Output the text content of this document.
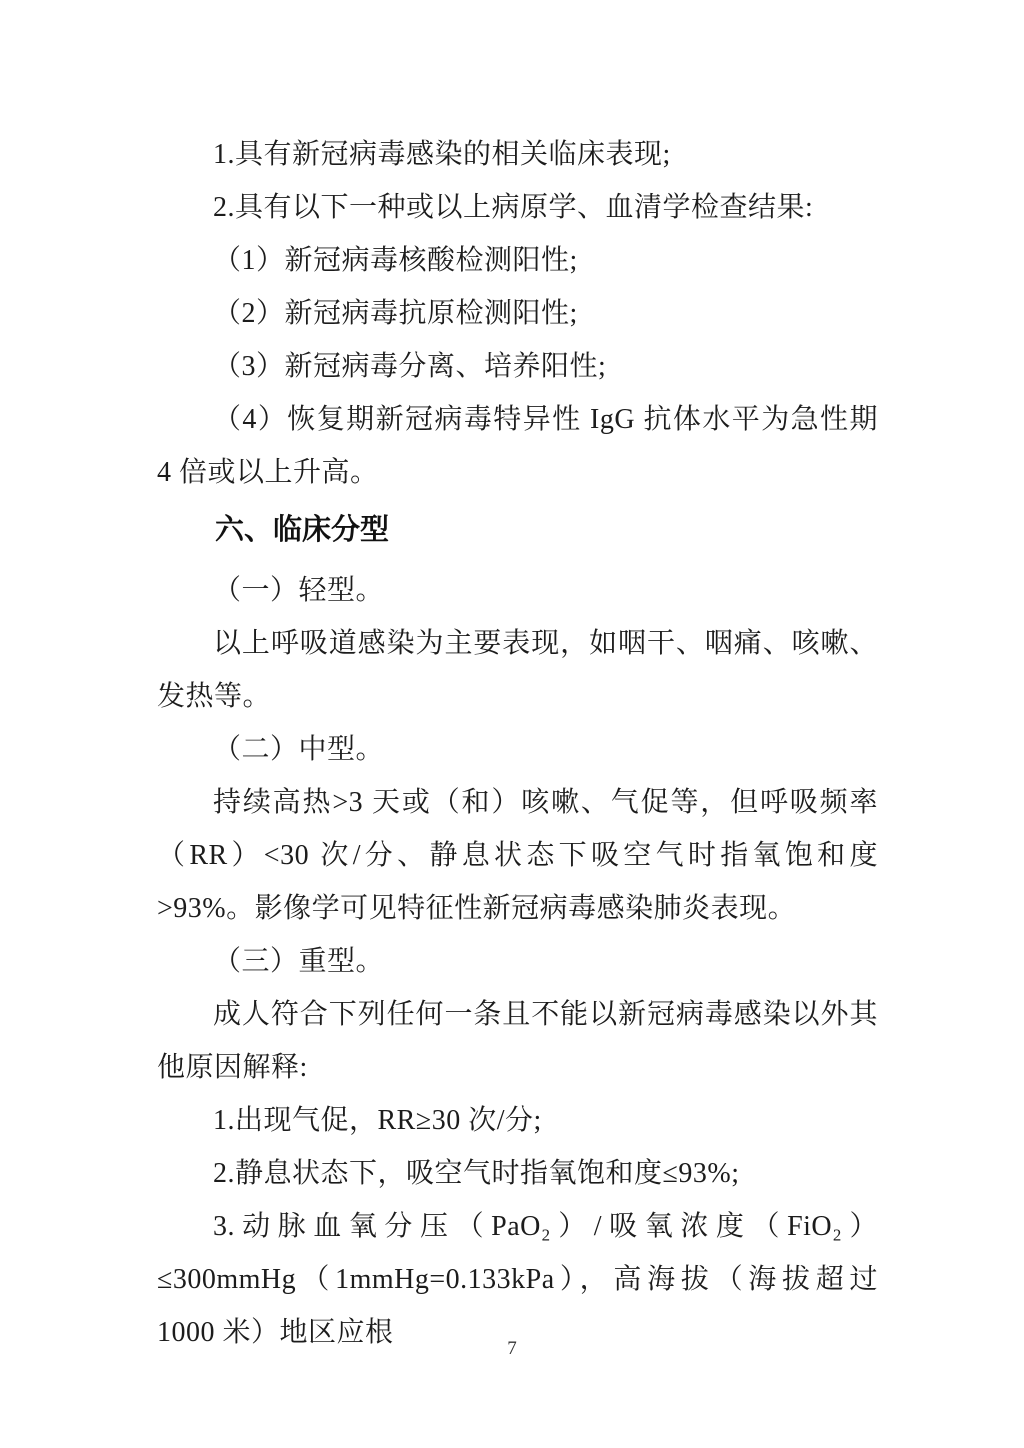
1.具有新冠病毒感染的相关临床表现;

2.具有以下一种或以上病原学、血清学检查结果:

（1）新冠病毒核酸检测阳性;

（2）新冠病毒抗原检测阳性;

（3）新冠病毒分离、培养阳性;

（4）恢复期新冠病毒特异性 IgG 抗体水平为急性期 4 倍或以上升高。

六、临床分型

（一）轻型。

以上呼吸道感染为主要表现，如咽干、咽痛、咳嗽、发热等。

（二）中型。

持续高热>3 天或（和）咳嗽、气促等，但呼吸频率（RR）<30 次/分、静息状态下吸空气时指氧饱和度>93%。影像学可见特征性新冠病毒感染肺炎表现。

（三）重型。

成人符合下列任何一条且不能以新冠病毒感染以外其他原因解释:

1.出现气促，RR≥30 次/分;

2.静息状态下，吸空气时指氧饱和度≤93%;

3.动脉血氧分压（PaO₂）/吸氧浓度（FiO₂）≤300mmHg（1mmHg=0.133kPa），高海拔（海拔超过 1000 米）地区应根

7
